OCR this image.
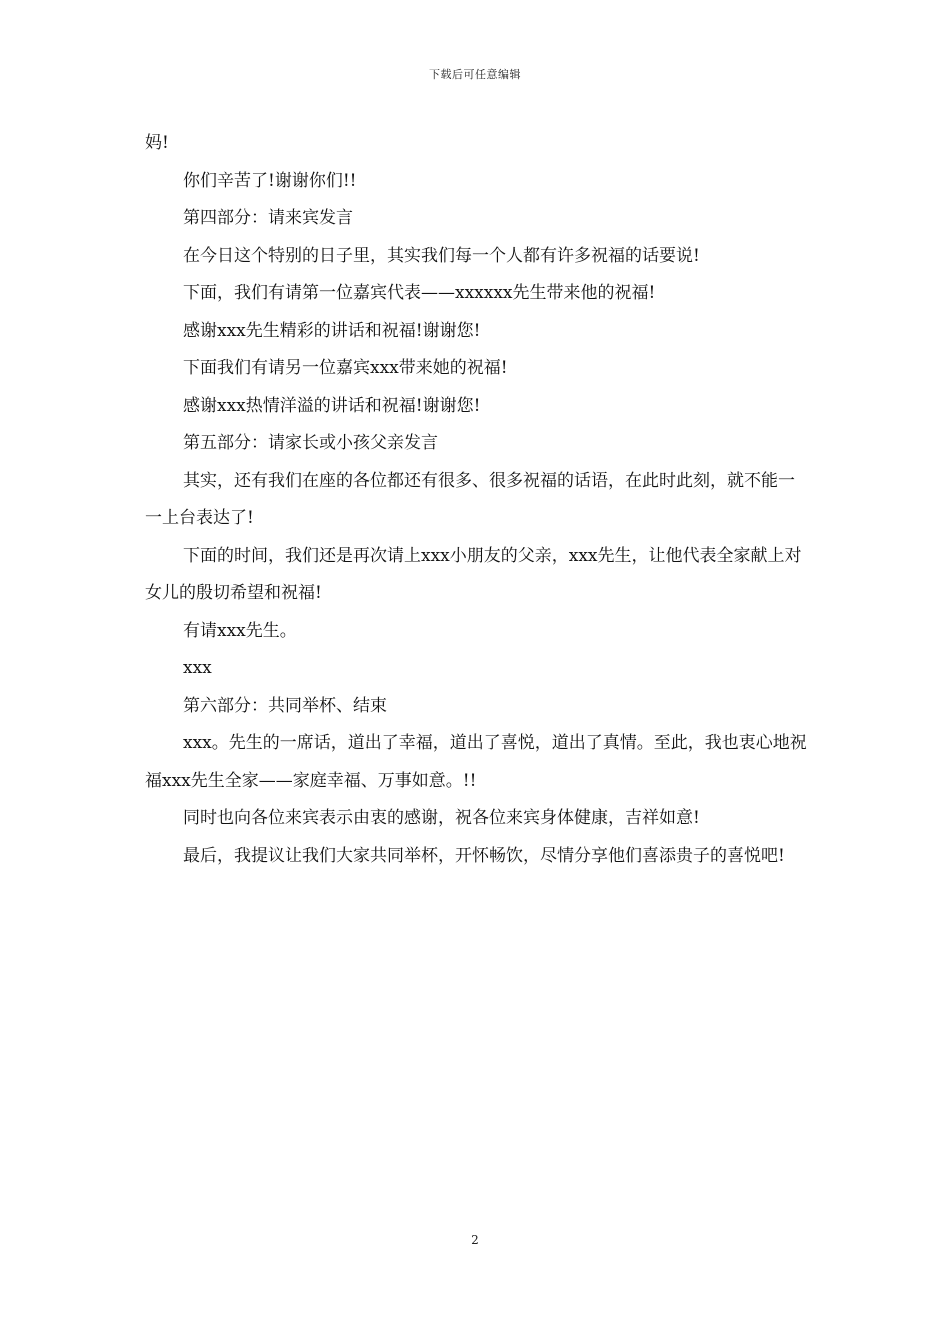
下载后可任意编辑

妈!

你们辛苦了!谢谢你们!!

第四部分：请来宾发言

在今日这个特别的日子里，其实我们每一个人都有许多祝福的话要说!

下面，我们有请第一位嘉宾代表——xxxxxx先生带来他的祝福!

感谢xxx先生精彩的讲话和祝福!谢谢您!

下面我们有请另一位嘉宾xxx带来她的祝福!

感谢xxx热情洋溢的讲话和祝福!谢谢您!

第五部分：请家长或小孩父亲发言

其实，还有我们在座的各位都还有很多、很多祝福的话语，在此时此刻，就不能一一上台表达了!

下面的时间，我们还是再次请上xxx小朋友的父亲，xxx先生，让他代表全家献上对女儿的殷切希望和祝福!

有请xxx先生。

xxx

第六部分：共同举杯、结束

xxx。先生的一席话，道出了幸福，道出了喜悦，道出了真情。至此，我也衷心地祝福xxx先生全家——家庭幸福、万事如意。!!

同时也向各位来宾表示由衷的感谢，祝各位来宾身体健康，吉祥如意!

最后，我提议让我们大家共同举杯，开怀畅饮，尽情分享他们喜添贵子的喜悦吧!

2
